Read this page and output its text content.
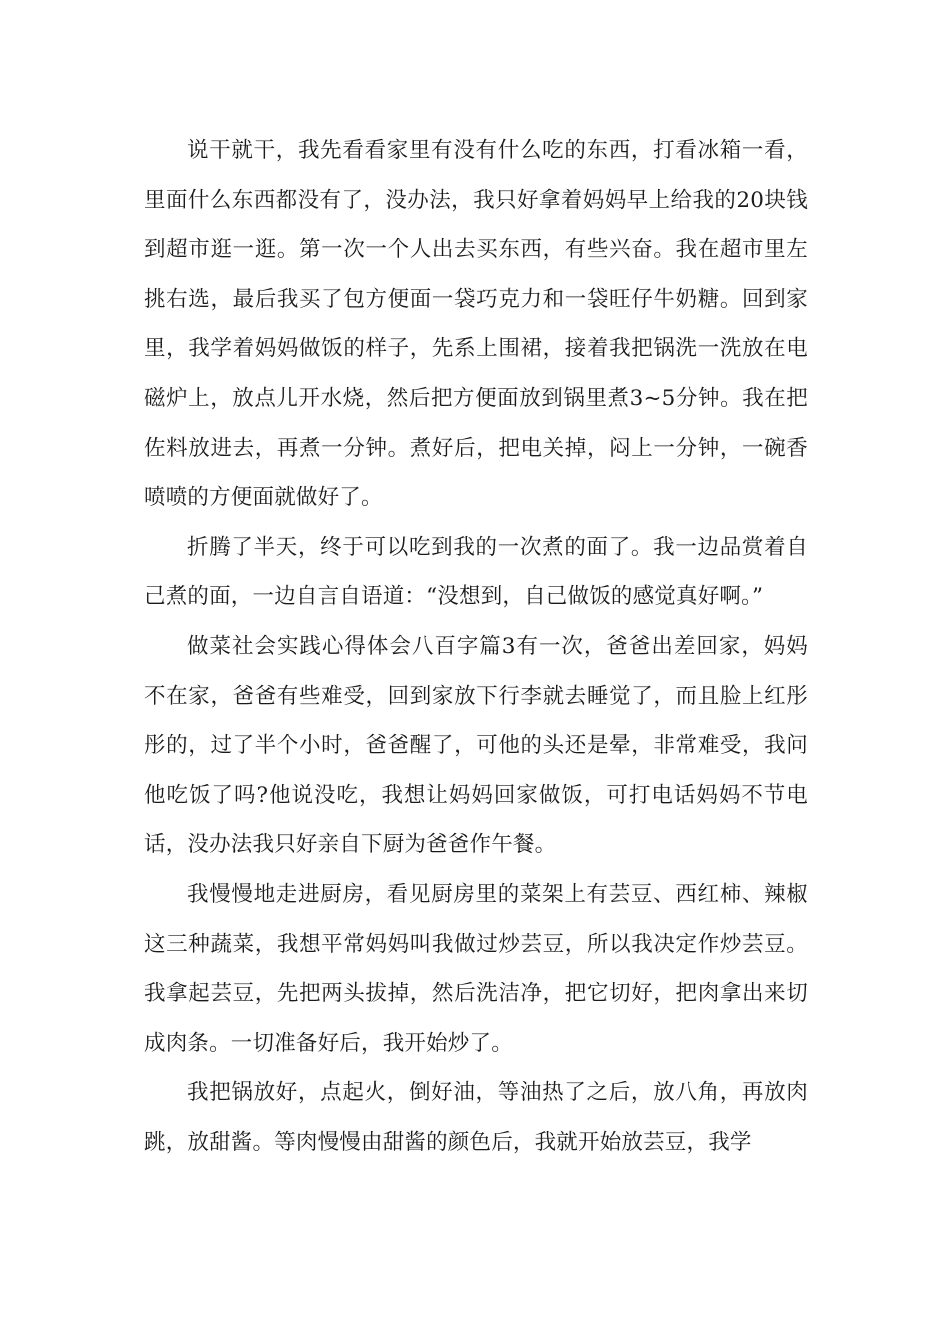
说干就干，我先看看家里有没有什么吃的东西，打看冰箱一看，里面什么东西都没有了，没办法，我只好拿着妈妈早上给我的20块钱到超市逛一逛。第一次一个人出去买东西，有些兴奋。我在超市里左挑右选，最后我买了包方便面一袋巧克力和一袋旺仔牛奶糖。回到家里，我学着妈妈做饭的样子，先系上围裙，接着我把锅洗一洗放在电磁炉上，放点儿开水烧，然后把方便面放到锅里煮3~5分钟。我在把佐料放进去，再煮一分钟。煮好后，把电关掉，闷上一分钟，一碗香喷喷的方便面就做好了。

折腾了半天，终于可以吃到我的一次煮的面了。我一边品赏着自己煮的面，一边自言自语道：“没想到，自己做饭的感觉真好啊。”

做菜社会实践心得体会八百字篇3有一次，爸爸出差回家，妈妈不在家，爸爸有些难受，回到家放下行李就去睡觉了，而且脸上红彤彤的，过了半个小时，爸爸醒了，可他的头还是晕，非常难受，我问他吃饭了吗?他说没吃，我想让妈妈回家做饭，可打电话妈妈不节电话，没办法我只好亲自下厨为爸爸作午餐。

我慢慢地走进厨房，看见厨房里的菜架上有芸豆、西红柿、辣椒这三种蔬菜，我想平常妈妈叫我做过炒芸豆，所以我决定作炒芸豆。我拿起芸豆，先把两头拔掉，然后洗洁净，把它切好，把肉拿出来切成肉条。一切准备好后，我开始炒了。

我把锅放好，点起火，倒好油，等油热了之后，放八角，再放肉跳，放甜酱。等肉慢慢由甜酱的颜色后，我就开始放芸豆，我学
